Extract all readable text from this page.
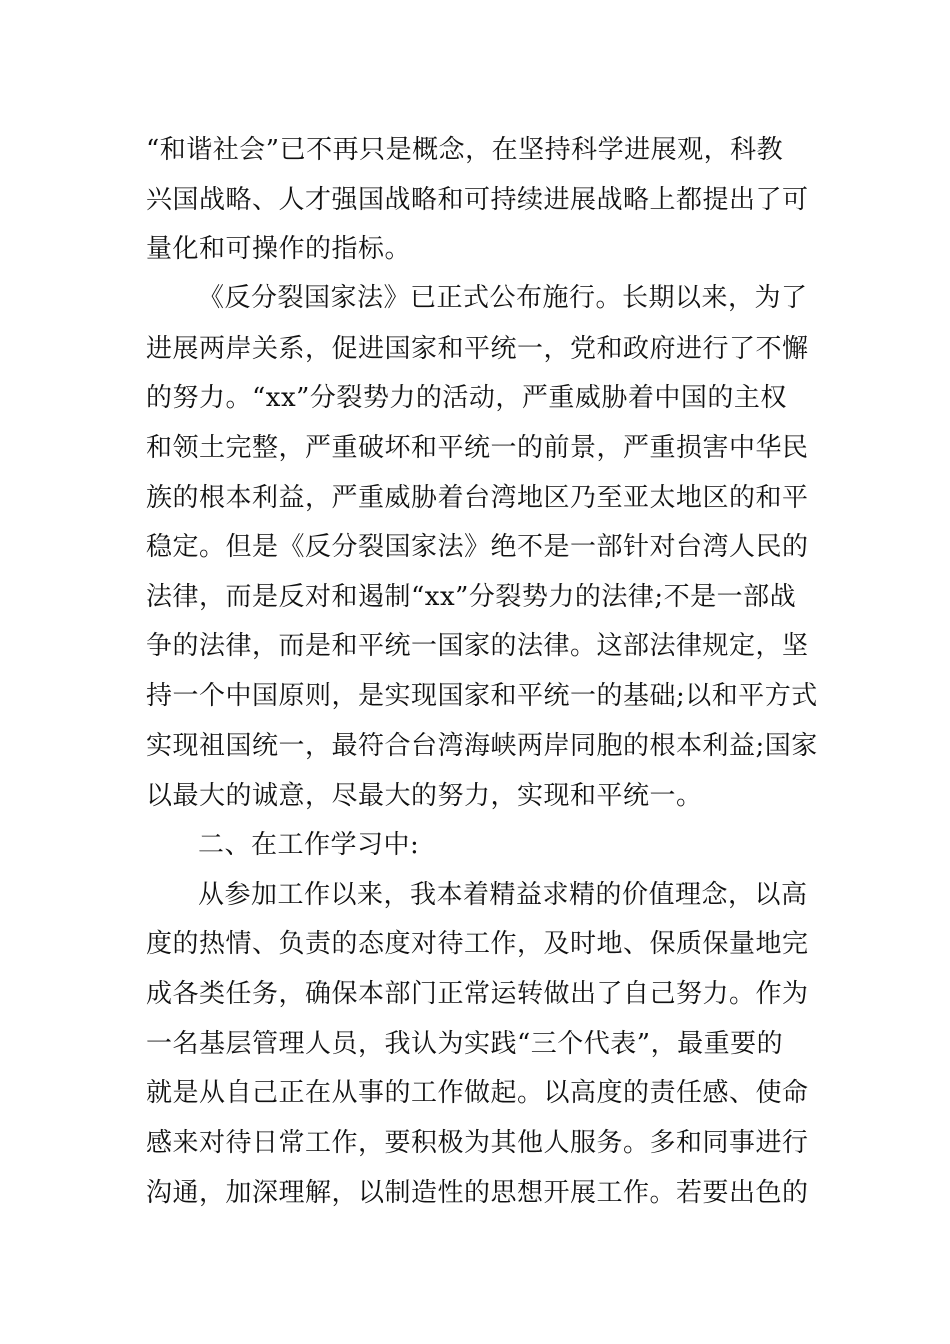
“和谐社会”已不再只是概念，在坚持科学进展观，科教
兴国战略、人才强国战略和可持续进展战略上都提出了可
量化和可操作的指标。
《反分裂国家法》已正式公布施行。长期以来，为了
进展两岸关系，促进国家和平统一，党和政府进行了不懈
的努力。“xx”分裂势力的活动，严重威胁着中国的主权
和领土完整，严重破坏和平统一的前景，严重损害中华民
族的根本利益，严重威胁着台湾地区乃至亚太地区的和平
稳定。但是《反分裂国家法》绝不是一部针对台湾人民的
法律，而是反对和遏制“xx”分裂势力的法律;不是一部战
争的法律，而是和平统一国家的法律。这部法律规定，坚
持一个中国原则，是实现国家和平统一的基础;以和平方式
实现祖国统一，最符合台湾海峡两岸同胞的根本利益;国家
以最大的诚意，尽最大的努力，实现和平统一。
二、在工作学习中:
从参加工作以来，我本着精益求精的价值理念，以高
度的热情、负责的态度对待工作，及时地、保质保量地完
成各类任务，确保本部门正常运转做出了自己努力。作为
一名基层管理人员，我认为实践“三个代表”，最重要的
就是从自己正在从事的工作做起。以高度的责任感、使命
感来对待日常工作，要积极为其他人服务。多和同事进行
沟通，加深理解，以制造性的思想开展工作。若要出色的
